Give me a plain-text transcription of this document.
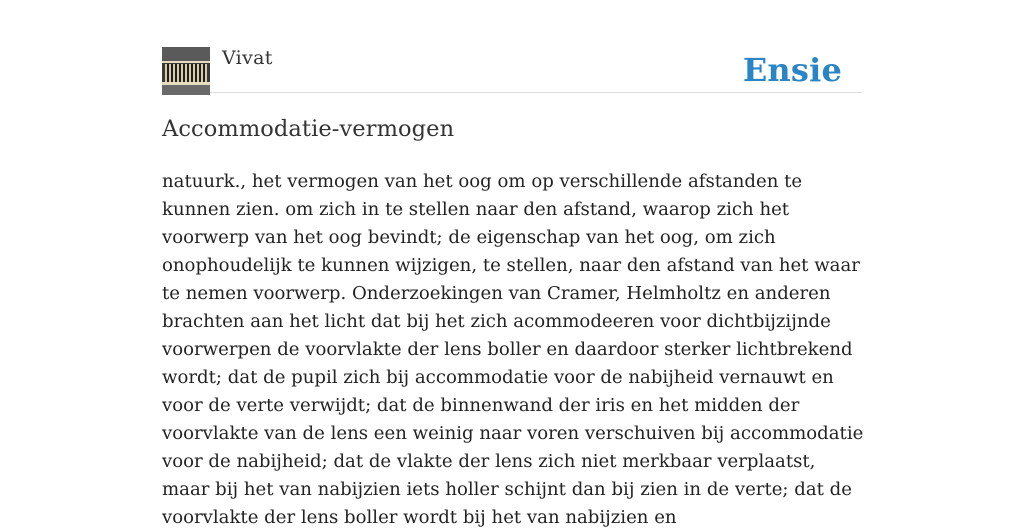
Vivat	Ensie
Accommodatie-vermogen

natuurk., het vermogen van het oog om op verschillende afstanden te kunnen zien. om zich in te stellen naar den afstand, waarop zich het voorwerp van het oog bevindt; de eigenschap van het oog, om zich onophoudelijk te kunnen wijzigen, te stellen, naar den afstand van het waar te nemen voorwerp. Onderzoekingen van Cramer, Helmholtz en anderen brachten aan het licht dat bij het zich acommodeeren voor dichtbijzijnde voorwerpen de voorvlakte der lens boller en daardoor sterker lichtbrekend wordt; dat de pupil zich bij accommodatie voor de nabijheid vernauwt en voor de verte verwijdt; dat de binnenwand der iris en het midden der voorvlakte van de lens een weinig naar voren verschuiven bij accommodatie voor de nabijheid; dat de vlakte der lens zich niet merkbaar verplaatst, maar bij het van nabijzien iets holler schijnt dan bij zien in de verte; dat de voorvlakte der lens boller wordt bij het van nabijzien en
